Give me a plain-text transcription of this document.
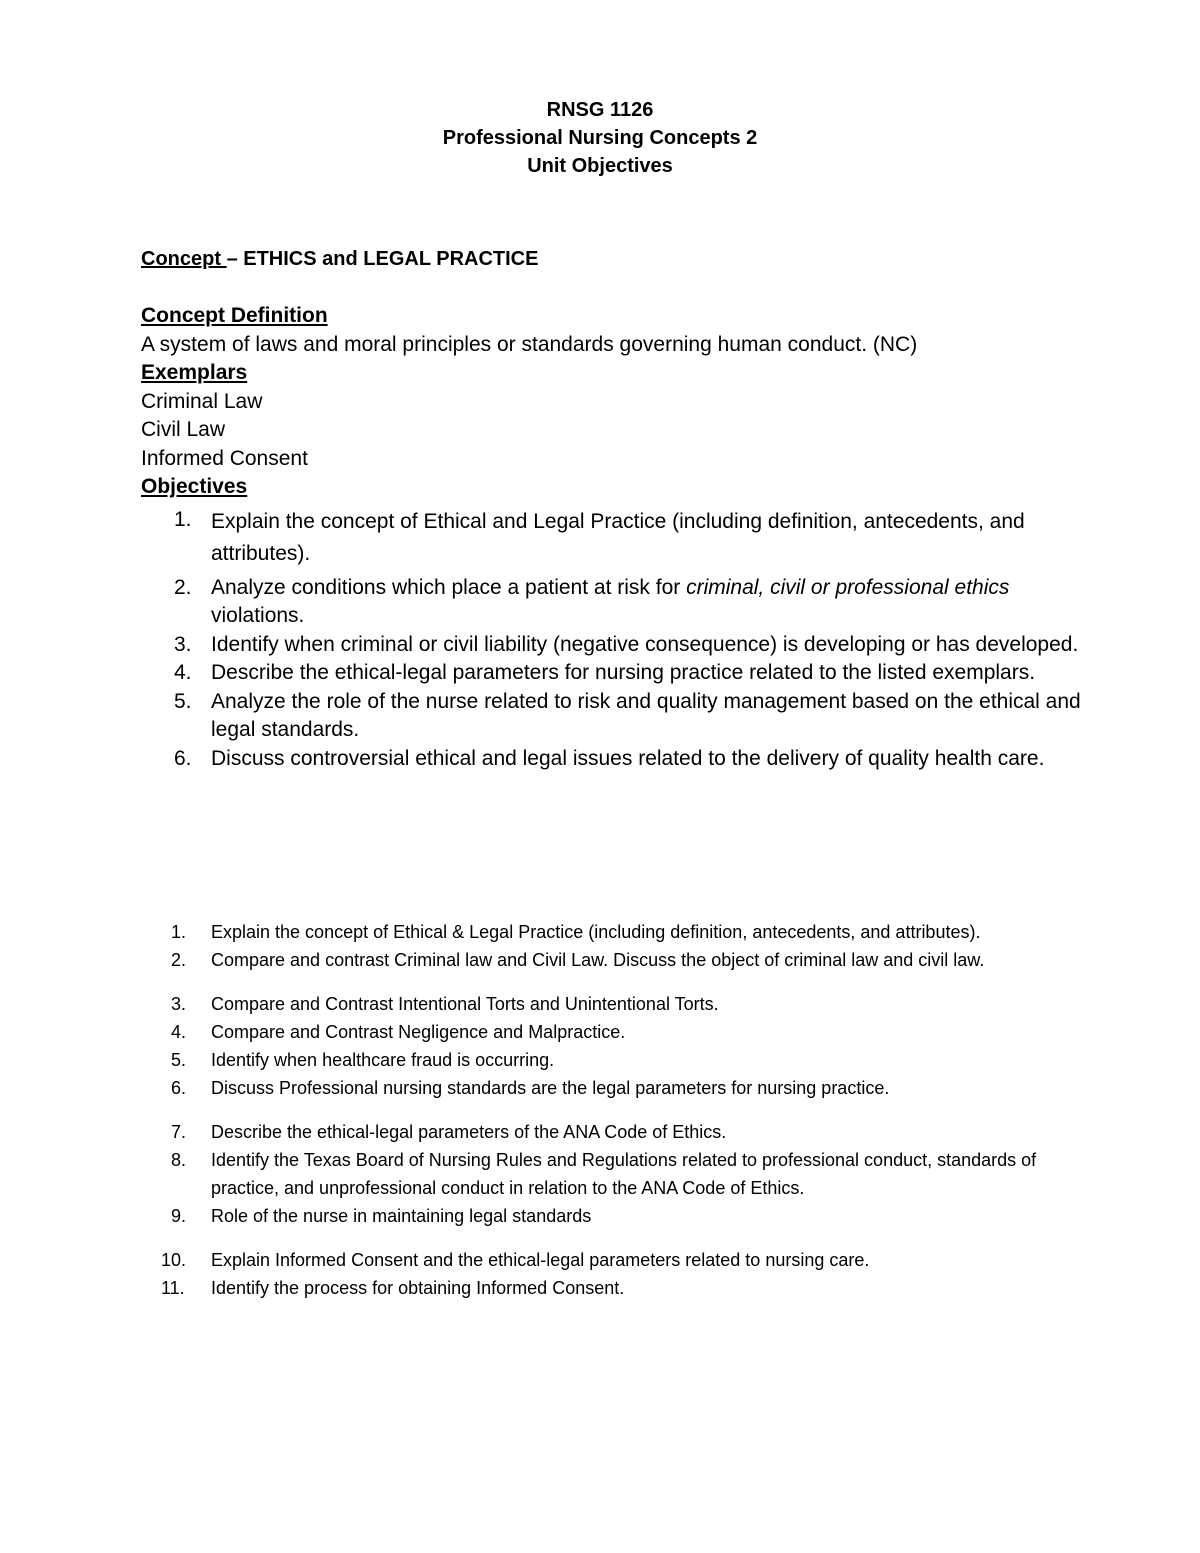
RNSG 1126
Professional Nursing Concepts 2
Unit Objectives
Concept – ETHICS and LEGAL PRACTICE
Concept Definition
A system of laws and moral principles or standards governing human conduct. (NC)
Exemplars
Criminal Law
Civil Law
Informed Consent
Objectives
1. Explain the concept of Ethical and Legal Practice (including definition, antecedents, and attributes).
2. Analyze conditions which place a patient at risk for criminal, civil or professional ethics violations.
3. Identify when criminal or civil liability (negative consequence) is developing or has developed.
4. Describe the ethical-legal parameters for nursing practice related to the listed exemplars.
5. Analyze the role of the nurse related to risk and quality management based on the ethical and legal standards.
6. Discuss controversial ethical and legal issues related to the delivery of quality health care.
1. Explain the concept of Ethical & Legal Practice (including definition, antecedents, and attributes).
2. Compare and contrast Criminal law and Civil Law. Discuss the object of criminal law and civil law.
3. Compare and Contrast Intentional Torts and Unintentional Torts.
4. Compare and Contrast Negligence and Malpractice.
5. Identify when healthcare fraud is occurring.
6. Discuss Professional nursing standards are the legal parameters for nursing practice.
7. Describe the ethical-legal parameters of the ANA Code of Ethics.
8. Identify the Texas Board of Nursing Rules and Regulations related to professional conduct, standards of practice, and unprofessional conduct in relation to the ANA Code of Ethics.
9. Role of the nurse in maintaining legal standards
10. Explain Informed Consent and the ethical-legal parameters related to nursing care.
11. Identify the process for obtaining Informed Consent.
